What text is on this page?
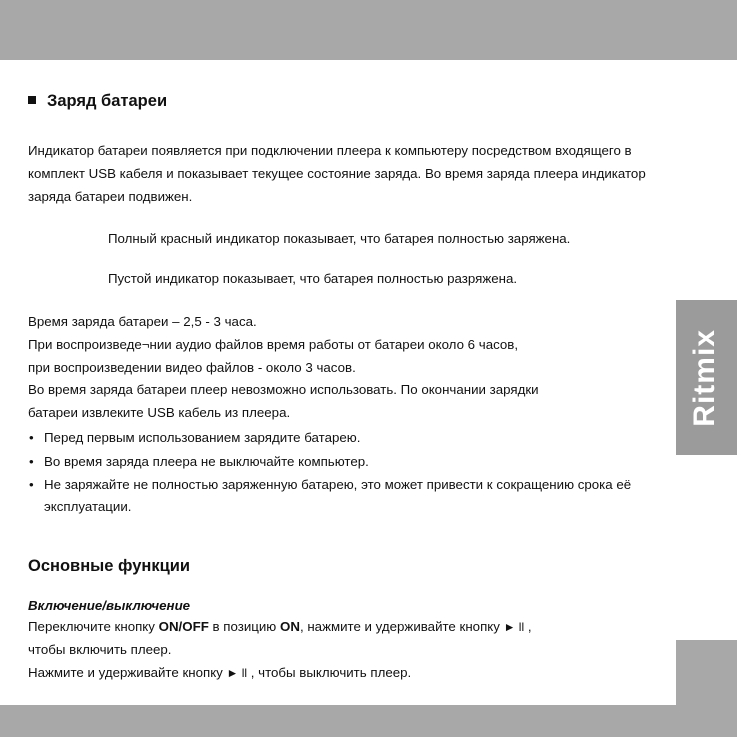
Заряд батареи

Индикатор батареи появляется при подключении плеера к компьютеру посредством входящего в комплект USB кабеля и показывает текущее состояние заряда. Во время заряда плеера индикатор заряда батареи подвижен.

Полный красный индикатор показывает, что батарея полностью заряжена.

Пустой индикатор показывает, что батарея полностью разряжена.

Время заряда батареи – 2,5 - 3 часа.

При воспроизведе¬нии аудио файлов время работы от батареи около 6 часов,

при воспроизведении видео файлов - около 3 часов.

Во время заряда батареи плеер невозможно использовать. По окончании зарядки

батареи извлеките USB кабель из плеера.

• Перед первым использованием зарядите батарею.
• Во время заряда плеера не выключайте компьютер.
• Не заряжайте не полностью заряженную батарею, это может привести к сокращению срока её эксплуатации.
Основные функции
Включение/выключение

Переключите кнопку ON/OFF в позицию ON, нажмите и удерживайте кнопку ► ll ,

чтобы включить плеер.

Нажмите и удерживайте кнопку ► ll , чтобы выключить плеер.

Ritmix
